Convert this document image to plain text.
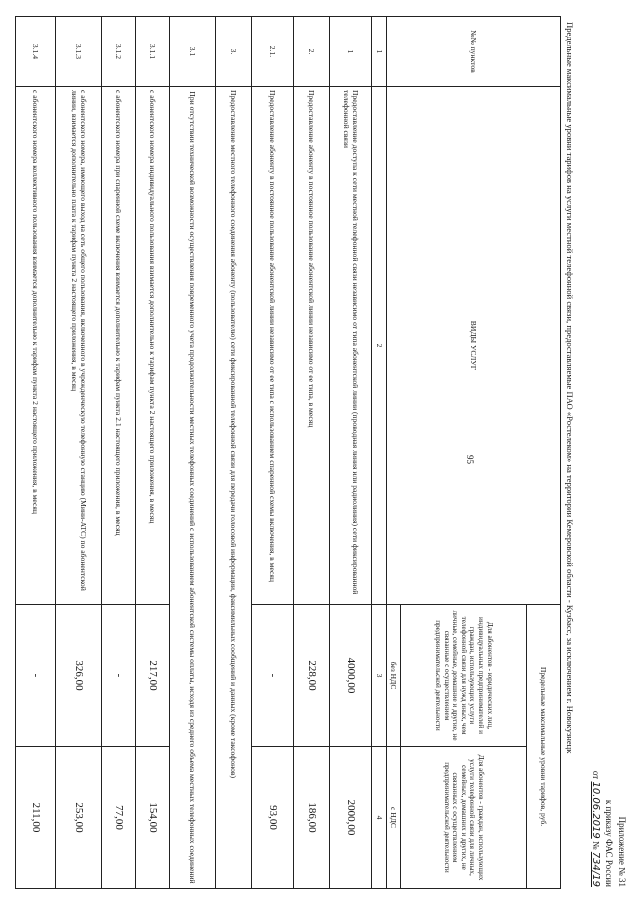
95
Приложение № 31
к приказу ФАС России
от 10.06.2019 № 734/19
Предельные максимальные уровни тарифов на услуги местной телефонной связи, предоставляемые ПАО «Ростелеком» на территории Кемеровской области - Кузбасс, за исключением г. Новокузнецк
№№ пунктов	ВИДЫ УСЛУГ	Предельные максимальные уровни тарифов, руб.	
		Для абонентов - юридических лиц, индивидуальных предпринимателей и граждан, использующих услуги телефонной связи для нужд иных, чем личные, семейные, домашние и другие, не связанные с осуществлением предпринимательской деятельности	Для абонентов - граждан, использующих услуги телефонной связи для личных, семейных, домашних и других, не связанных с осуществлением предпринимательской деятельности
		без НДС	с НДС
1	2	3	4
1	Предоставление доступа к сети местной телефонной связи независимо от типа абонентской линии (проводная линия или радиолиния) сети фиксированной телефонной связи	4000,00	2000,00
2.	Предоставление абоненту в постоянное пользование абонентской линии независимо от ее типа, в месяц	228,00	186,00
2.1.	Предоставление абоненту в постоянное пользование абонентской линии независимо от ее типа с использованием спаренной схемы включения, в месяц	-	93,00
3.	Предоставление местного телефонного соединения абоненту (пользователю) сети фиксированной телефонной связи для передачи голосовой информации, факсимильных сообщений и данных (кроме таксофонов)		
3.1	При отсутствии технической возможности осуществления повременного учета продолжительности местных телефонных соединений с использованием абонентской системы оплаты, исходя из среднего объема местных телефонных соединений		
3.1.1	с абонентского номера индивидуального пользования взимается дополнительно к тарифам пункта 2 настоящего приложения, в месяц	217,00	154,00
3.1.2	с абонентского номера при спаренной схеме включения взимается дополнительно к тарифам пункта 2.1 настоящего приложения, в месяц	-	77,00
3.1.3	с абонентского номера, имеющего выход на сеть общего пользования, включенного в учрежденческую телефонную станцию (Мини-АТС) по абонентской линии, взимается дополнительно плата к тарифам пункта 2 настоящего приложения, в месяц	326,00	253,00
3.1.4	с абонентского номера коллективного пользования взимается дополнительно к тарифам пункта 2 настоящего приложения, в месяц	-	211,00
